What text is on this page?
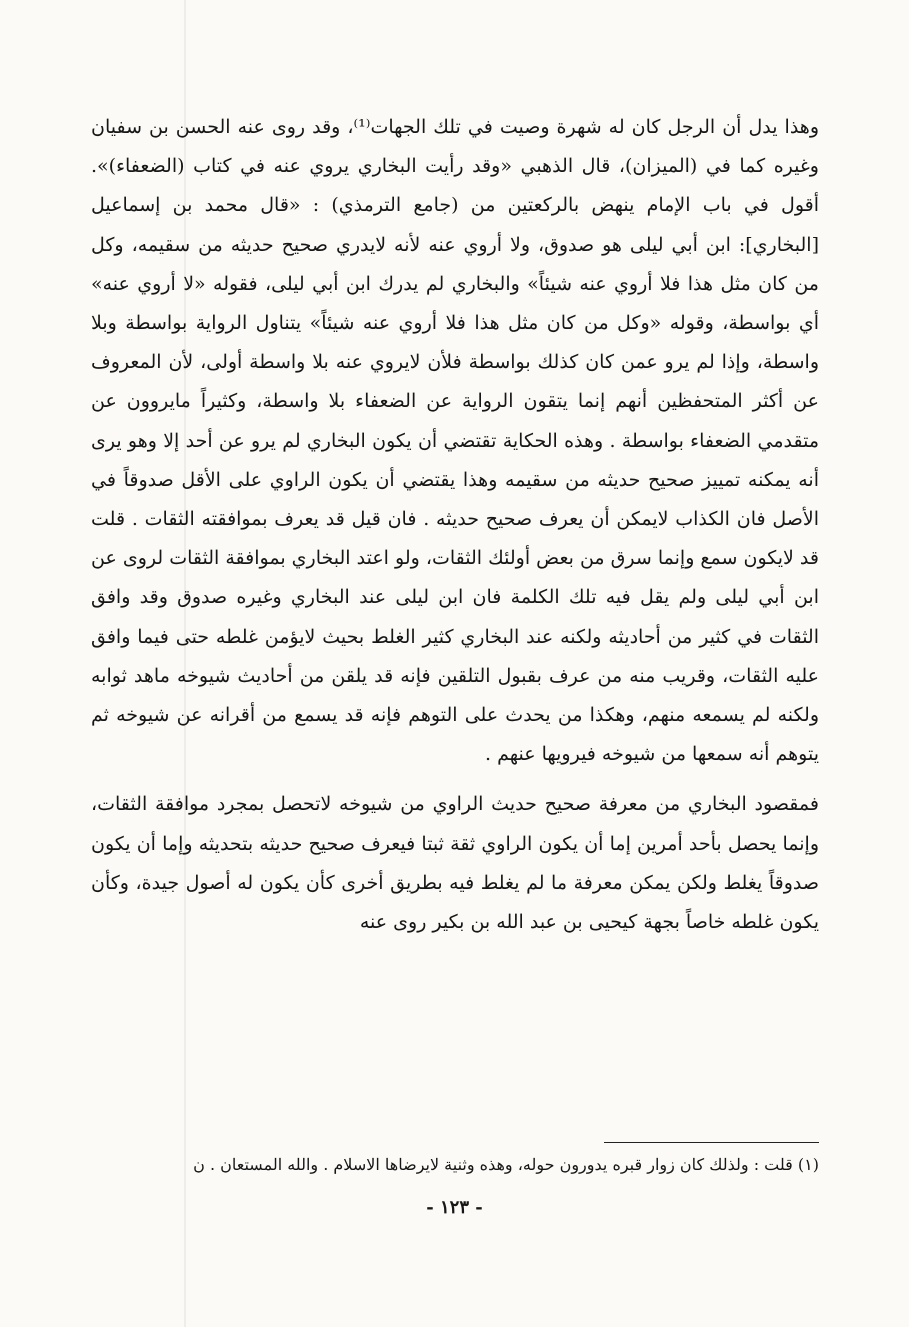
وهذا يدل أن الرجل كان له شهرة وصيت في تلك الجهات⁽¹⁾، وقد روى عنه الحسن بن سفيان وغيره كما في (الميزان)، قال الذهبي «وقد رأيت البخاري يروي عنه في كتاب (الضعفاء)». أقول في باب الإمام ينهض بالركعتين من (جامع الترمذي) : «قال محمد بن إسماعيل [البخاري]: ابن أبي ليلى هو صدوق، ولا أروي عنه لأنه لايدري صحيح حديثه من سقيمه، وكل من كان مثل هذا فلا أروي عنه شيئاً» والبخاري لم يدرك ابن أبي ليلى، فقوله «لا أروي عنه» أي بواسطة، وقوله «وكل من كان مثل هذا فلا أروي عنه شيئاً» يتناول الرواية بواسطة وبلا واسطة، وإذا لم يرو عمن كان كذلك بواسطة فلأن لايروي عنه بلا واسطة أولى، لأن المعروف عن أكثر المتحفظين أنهم إنما يتقون الرواية عن الضعفاء بلا واسطة، وكثيراً مايروون عن متقدمي الضعفاء بواسطة . وهذه الحكاية تقتضي أن يكون البخاري لم يرو عن أحد إلا وهو يرى أنه يمكنه تمييز صحيح حديثه من سقيمه وهذا يقتضي أن يكون الراوي على الأقل صدوقاً في الأصل فان الكذاب لايمكن أن يعرف صحيح حديثه . فان قيل قد يعرف بموافقته الثقات . قلت قد لايكون سمع وإنما سرق من بعض أولئك الثقات، ولو اعتد البخاري بموافقة الثقات لروى عن ابن أبي ليلى ولم يقل فيه تلك الكلمة فان ابن ليلى عند البخاري وغيره صدوق وقد وافق الثقات في كثير من أحاديثه ولكنه عند البخاري كثير الغلط بحيث لايؤمن غلطه حتى فيما وافق عليه الثقات، وقريب منه من عرف بقبول التلقين فإنه قد يلقن من أحاديث شيوخه ماهد ثوابه ولكنه لم يسمعه منهم، وهكذا من يحدث على التوهم فإنه قد يسمع من أقرانه عن شيوخه ثم يتوهم أنه سمعها من شيوخه فيرويها عنهم .

فمقصود البخاري من معرفة صحيح حديث الراوي من شيوخه لاتحصل بمجرد موافقة الثقات، وإنما يحصل بأحد أمرين إما أن يكون الراوي ثقة ثبتا فيعرف صحيح حديثه بتحديثه وإما أن يكون صدوقاً يغلط ولكن يمكن معرفة ما لم يغلط فيه بطريق أخرى كأن يكون له أصول جيدة، وكأن يكون غلطه خاصاً بجهة كيحيى بن عبد الله بن بكير روى عنه

(١) قلت : ولذلك كان زوار قبره يدورون حوله، وهذه وثنية لايرضاها الاسلام . والله المستعان . ن
- ١٢٣ -
